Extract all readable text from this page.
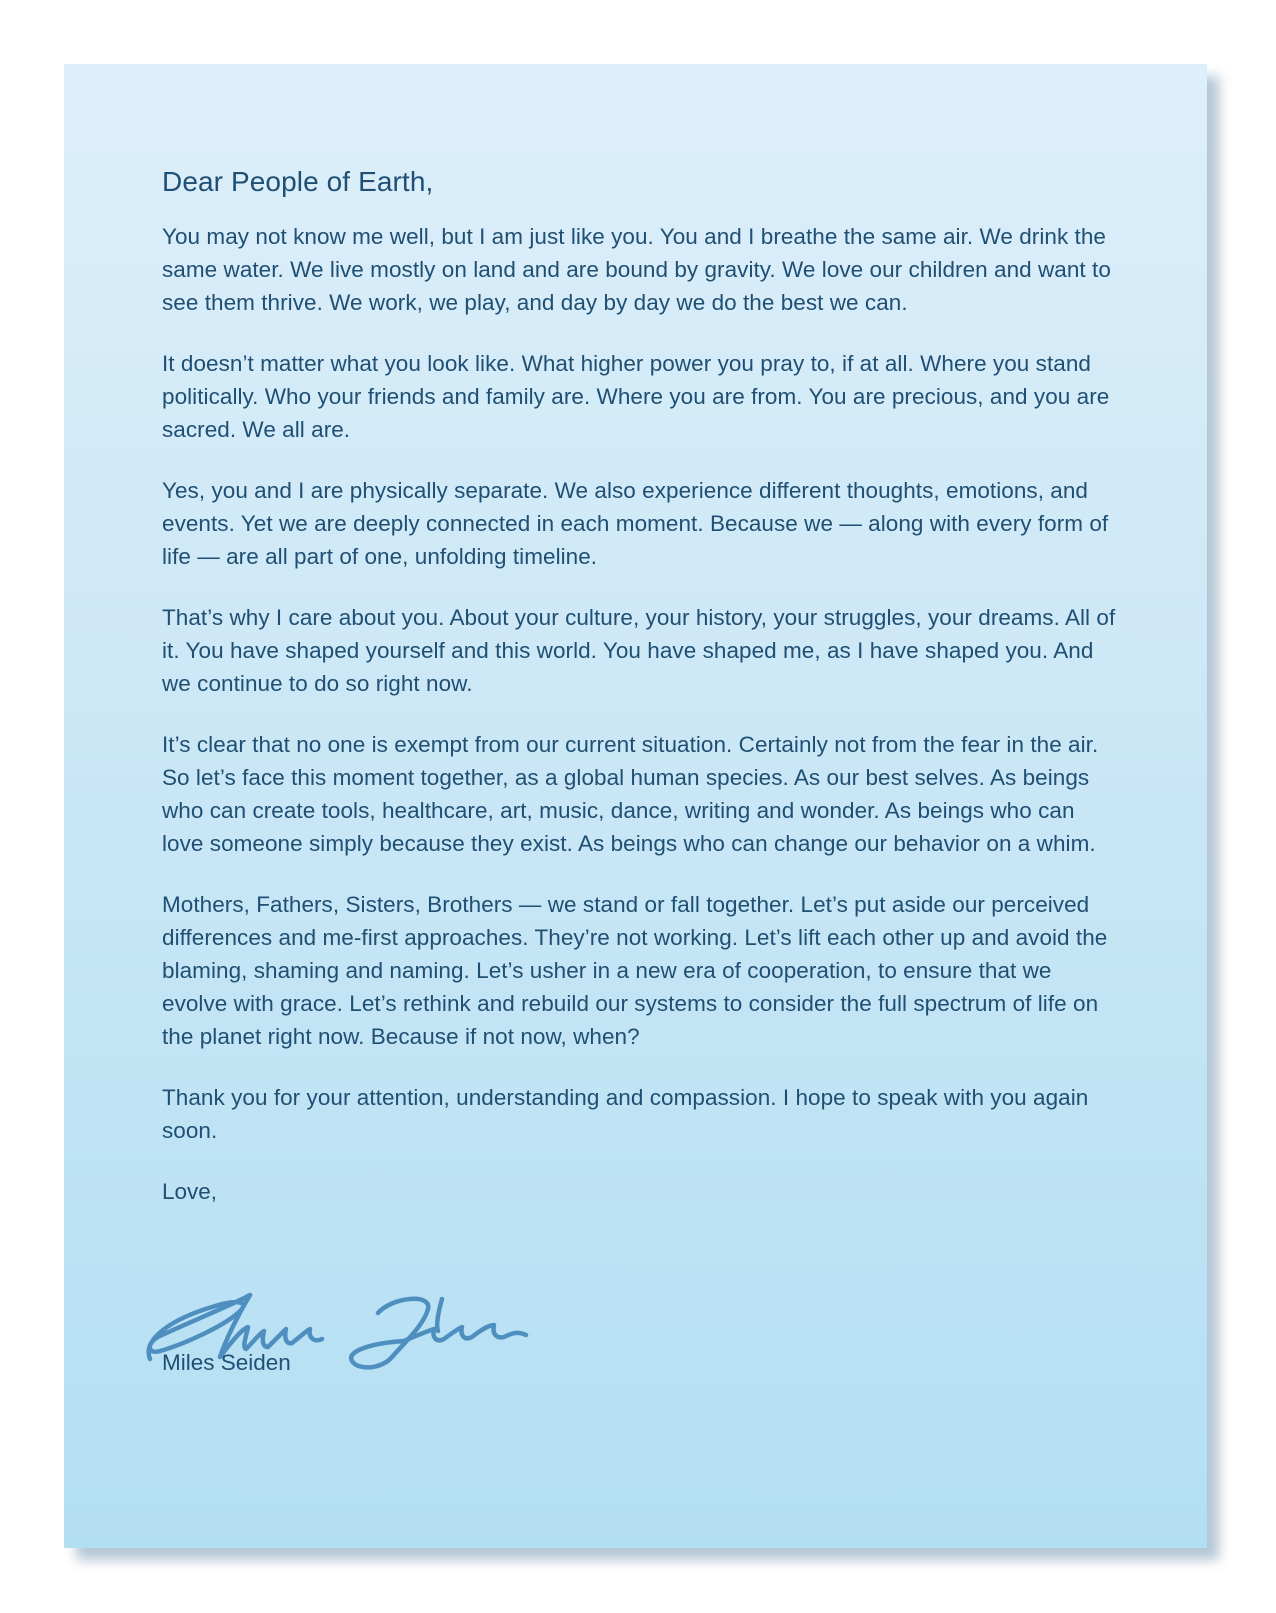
Dear People of Earth,

You may not know me well, but I am just like you. You and I breathe the same air. We drink the same water. We live mostly on land and are bound by gravity. We love our children and want to see them thrive. We work, we play, and day by day we do the best we can.

It doesn’t matter what you look like. What higher power you pray to, if at all. Where you stand politically. Who your friends and family are. Where you are from. You are precious, and you are sacred. We all are.

Yes, you and I are physically separate. We also experience different thoughts, emotions, and events. Yet we are deeply connected in each moment. Because we — along with every form of life — are all part of one, unfolding timeline.

That’s why I care about you. About your culture, your history, your struggles, your dreams. All of it. You have shaped yourself and this world. You have shaped me, as I have shaped you. And we continue to do so right now.

It’s clear that no one is exempt from our current situation. Certainly not from the fear in the air. So let’s face this moment together, as a global human species. As our best selves. As beings who can create tools, healthcare, art, music, dance, writing and wonder. As beings who can love someone simply because they exist. As beings who can change our behavior on a whim.

Mothers, Fathers, Sisters, Brothers — we stand or fall together. Let’s put aside our perceived differences and me-first approaches. They’re not working. Let’s lift each other up and avoid the blaming, shaming and naming. Let’s usher in a new era of cooperation, to ensure that we evolve with grace. Let’s rethink and rebuild our systems to consider the full spectrum of life on the planet right now. Because if not now, when?

Thank you for your attention, understanding and compassion. I hope to speak with you again soon.

Love,

Miles Seiden
